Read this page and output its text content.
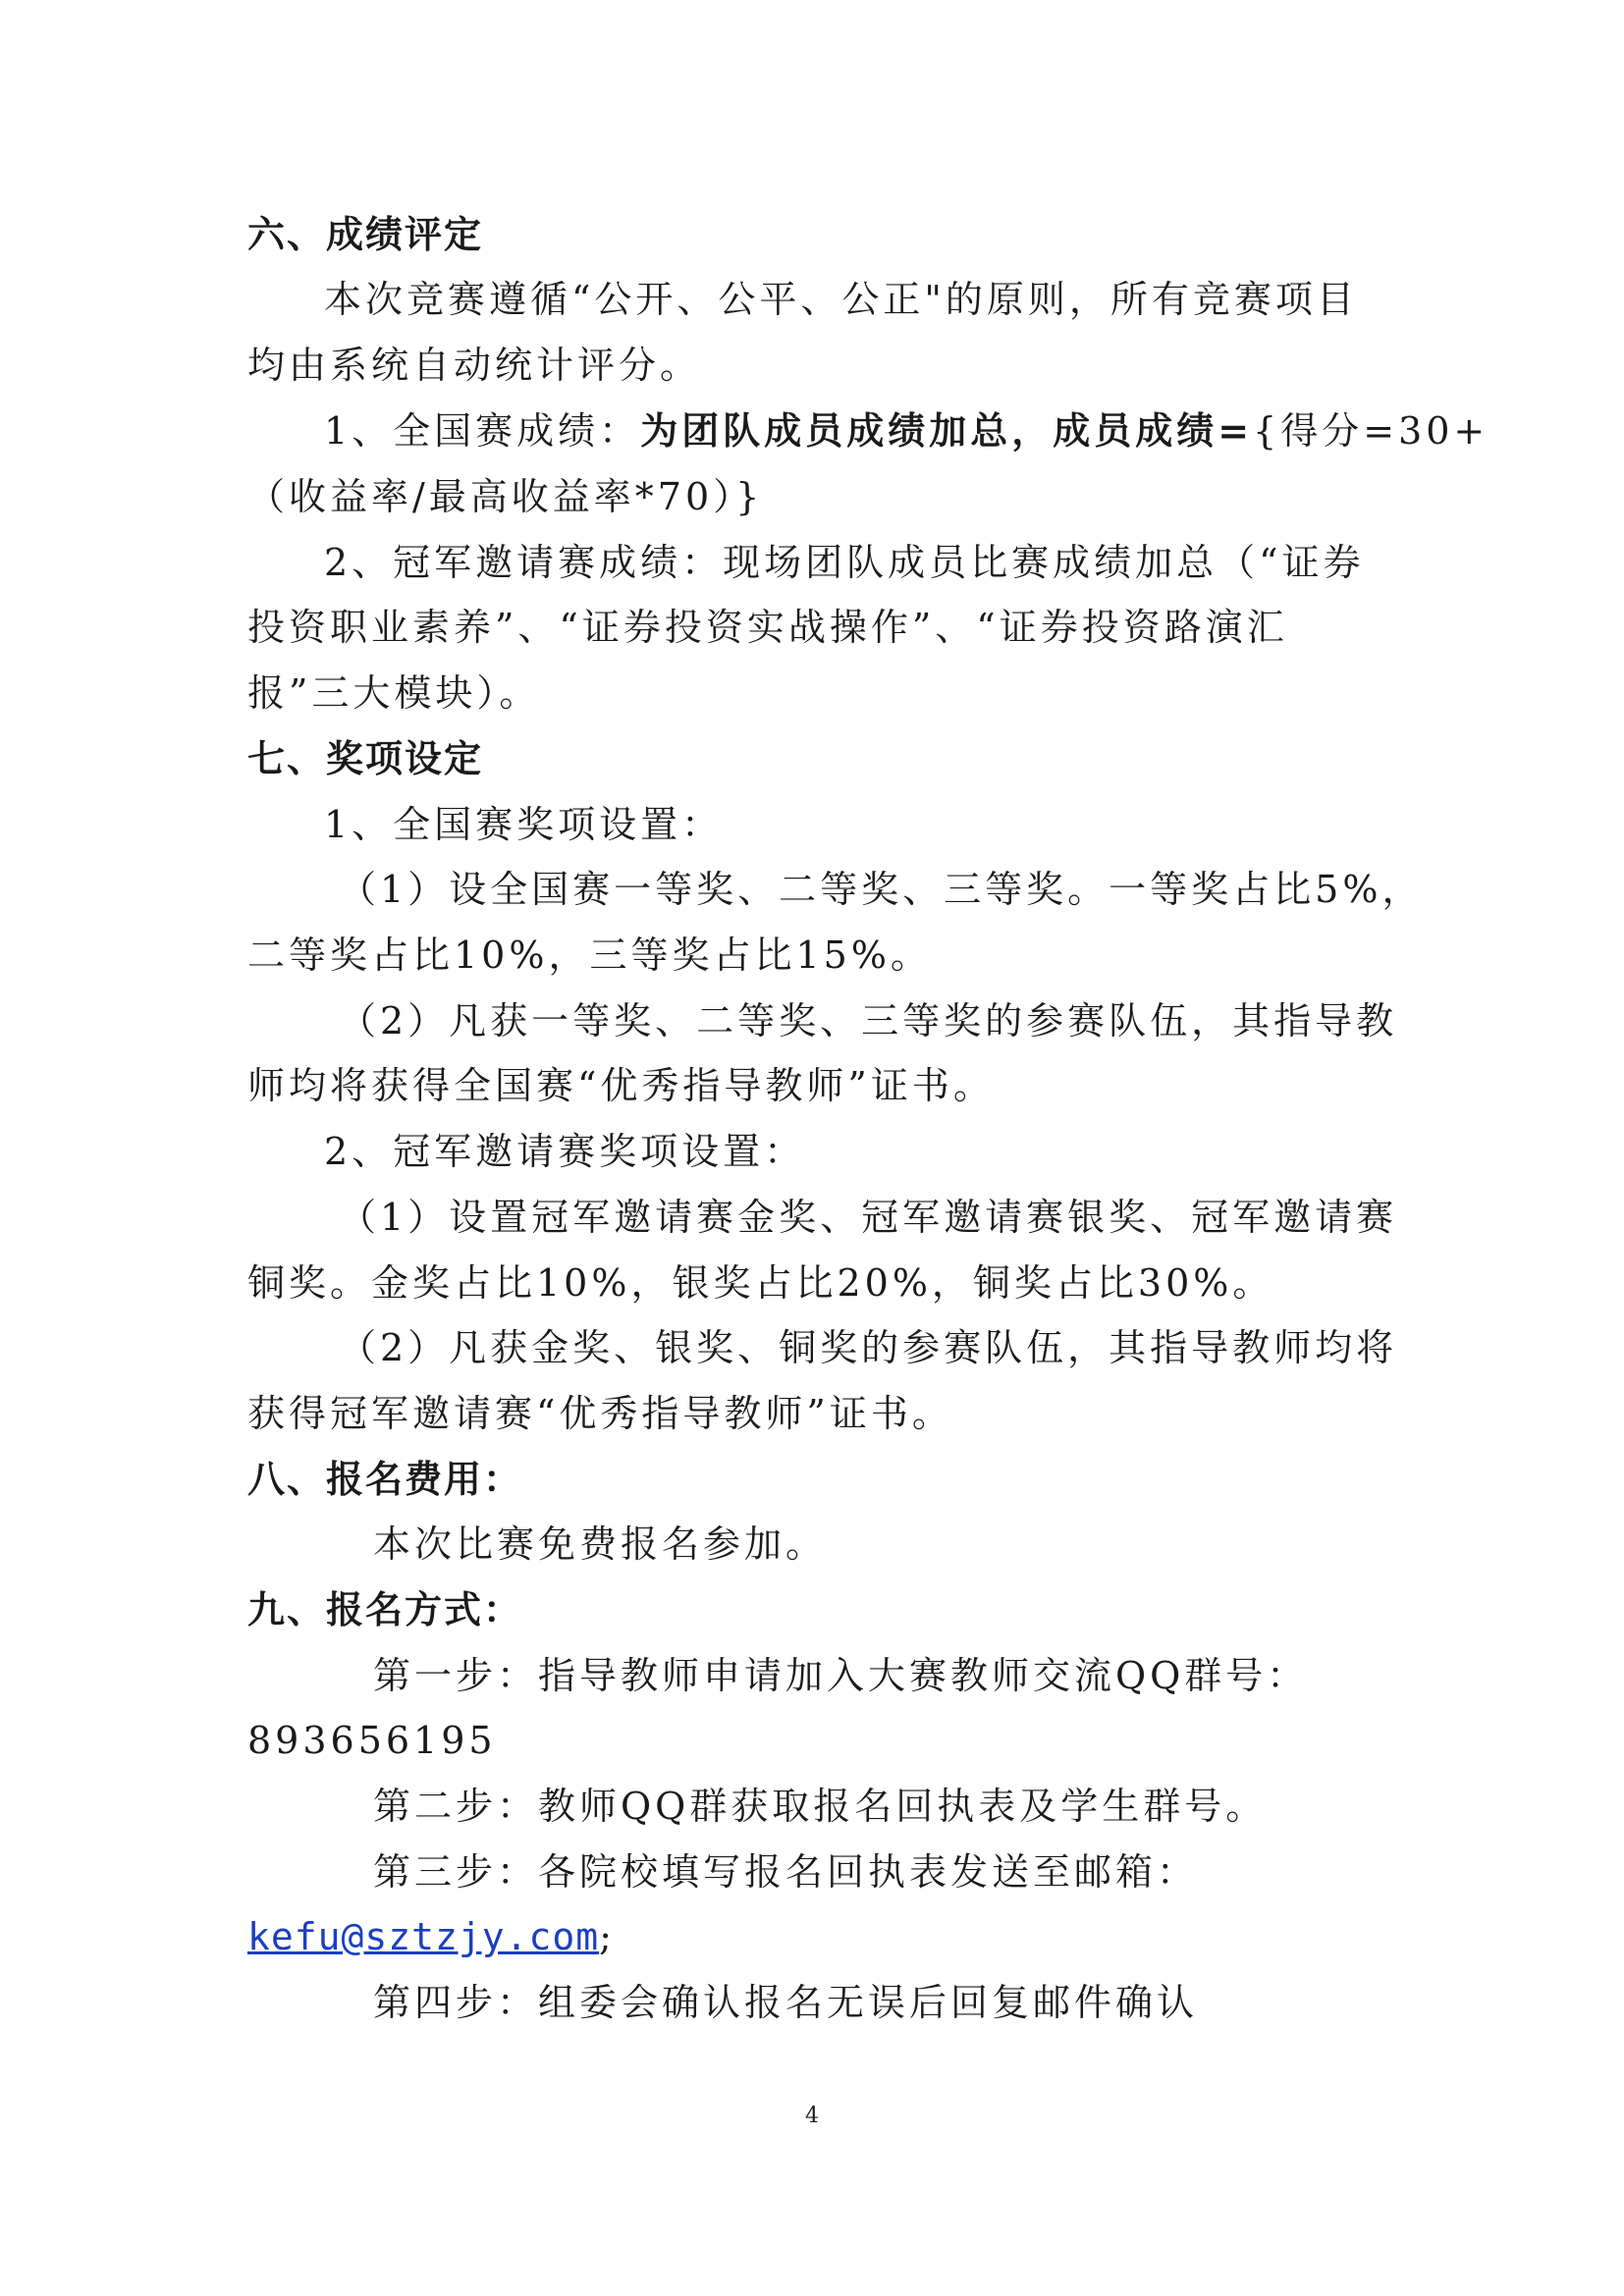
六、成绩评定
本次竞赛遵循“公开、公平、公正"的原则，所有竞赛项目
均由系统自动统计评分。
1、全国赛成绩：为团队成员成绩加总，成员成绩={得分=30+
（收益率/最高收益率*70）}
2、冠军邀请赛成绩：现场团队成员比赛成绩加总（“证券
投资职业素养”、“证券投资实战操作”、“证券投资路演汇
报”三大模块）。
七、奖项设定
1、全国赛奖项设置：
（1）设全国赛一等奖、二等奖、三等奖。一等奖占比5%，
二等奖占比10%，三等奖占比15%。
（2）凡获一等奖、二等奖、三等奖的参赛队伍，其指导教
师均将获得全国赛“优秀指导教师”证书。
2、冠军邀请赛奖项设置：
（1）设置冠军邀请赛金奖、冠军邀请赛银奖、冠军邀请赛
铜奖。金奖占比10%，银奖占比20%，铜奖占比30%。
（2）凡获金奖、银奖、铜奖的参赛队伍，其指导教师均将
获得冠军邀请赛“优秀指导教师”证书。
八、报名费用：
本次比赛免费报名参加。
九、报名方式：
第一步：指导教师申请加入大赛教师交流QQ群号：
893656195
第二步：教师QQ群获取报名回执表及学生群号。
第三步：各院校填写报名回执表发送至邮箱：
kefu@sztzjy.com;
第四步：组委会确认报名无误后回复邮件确认
4
